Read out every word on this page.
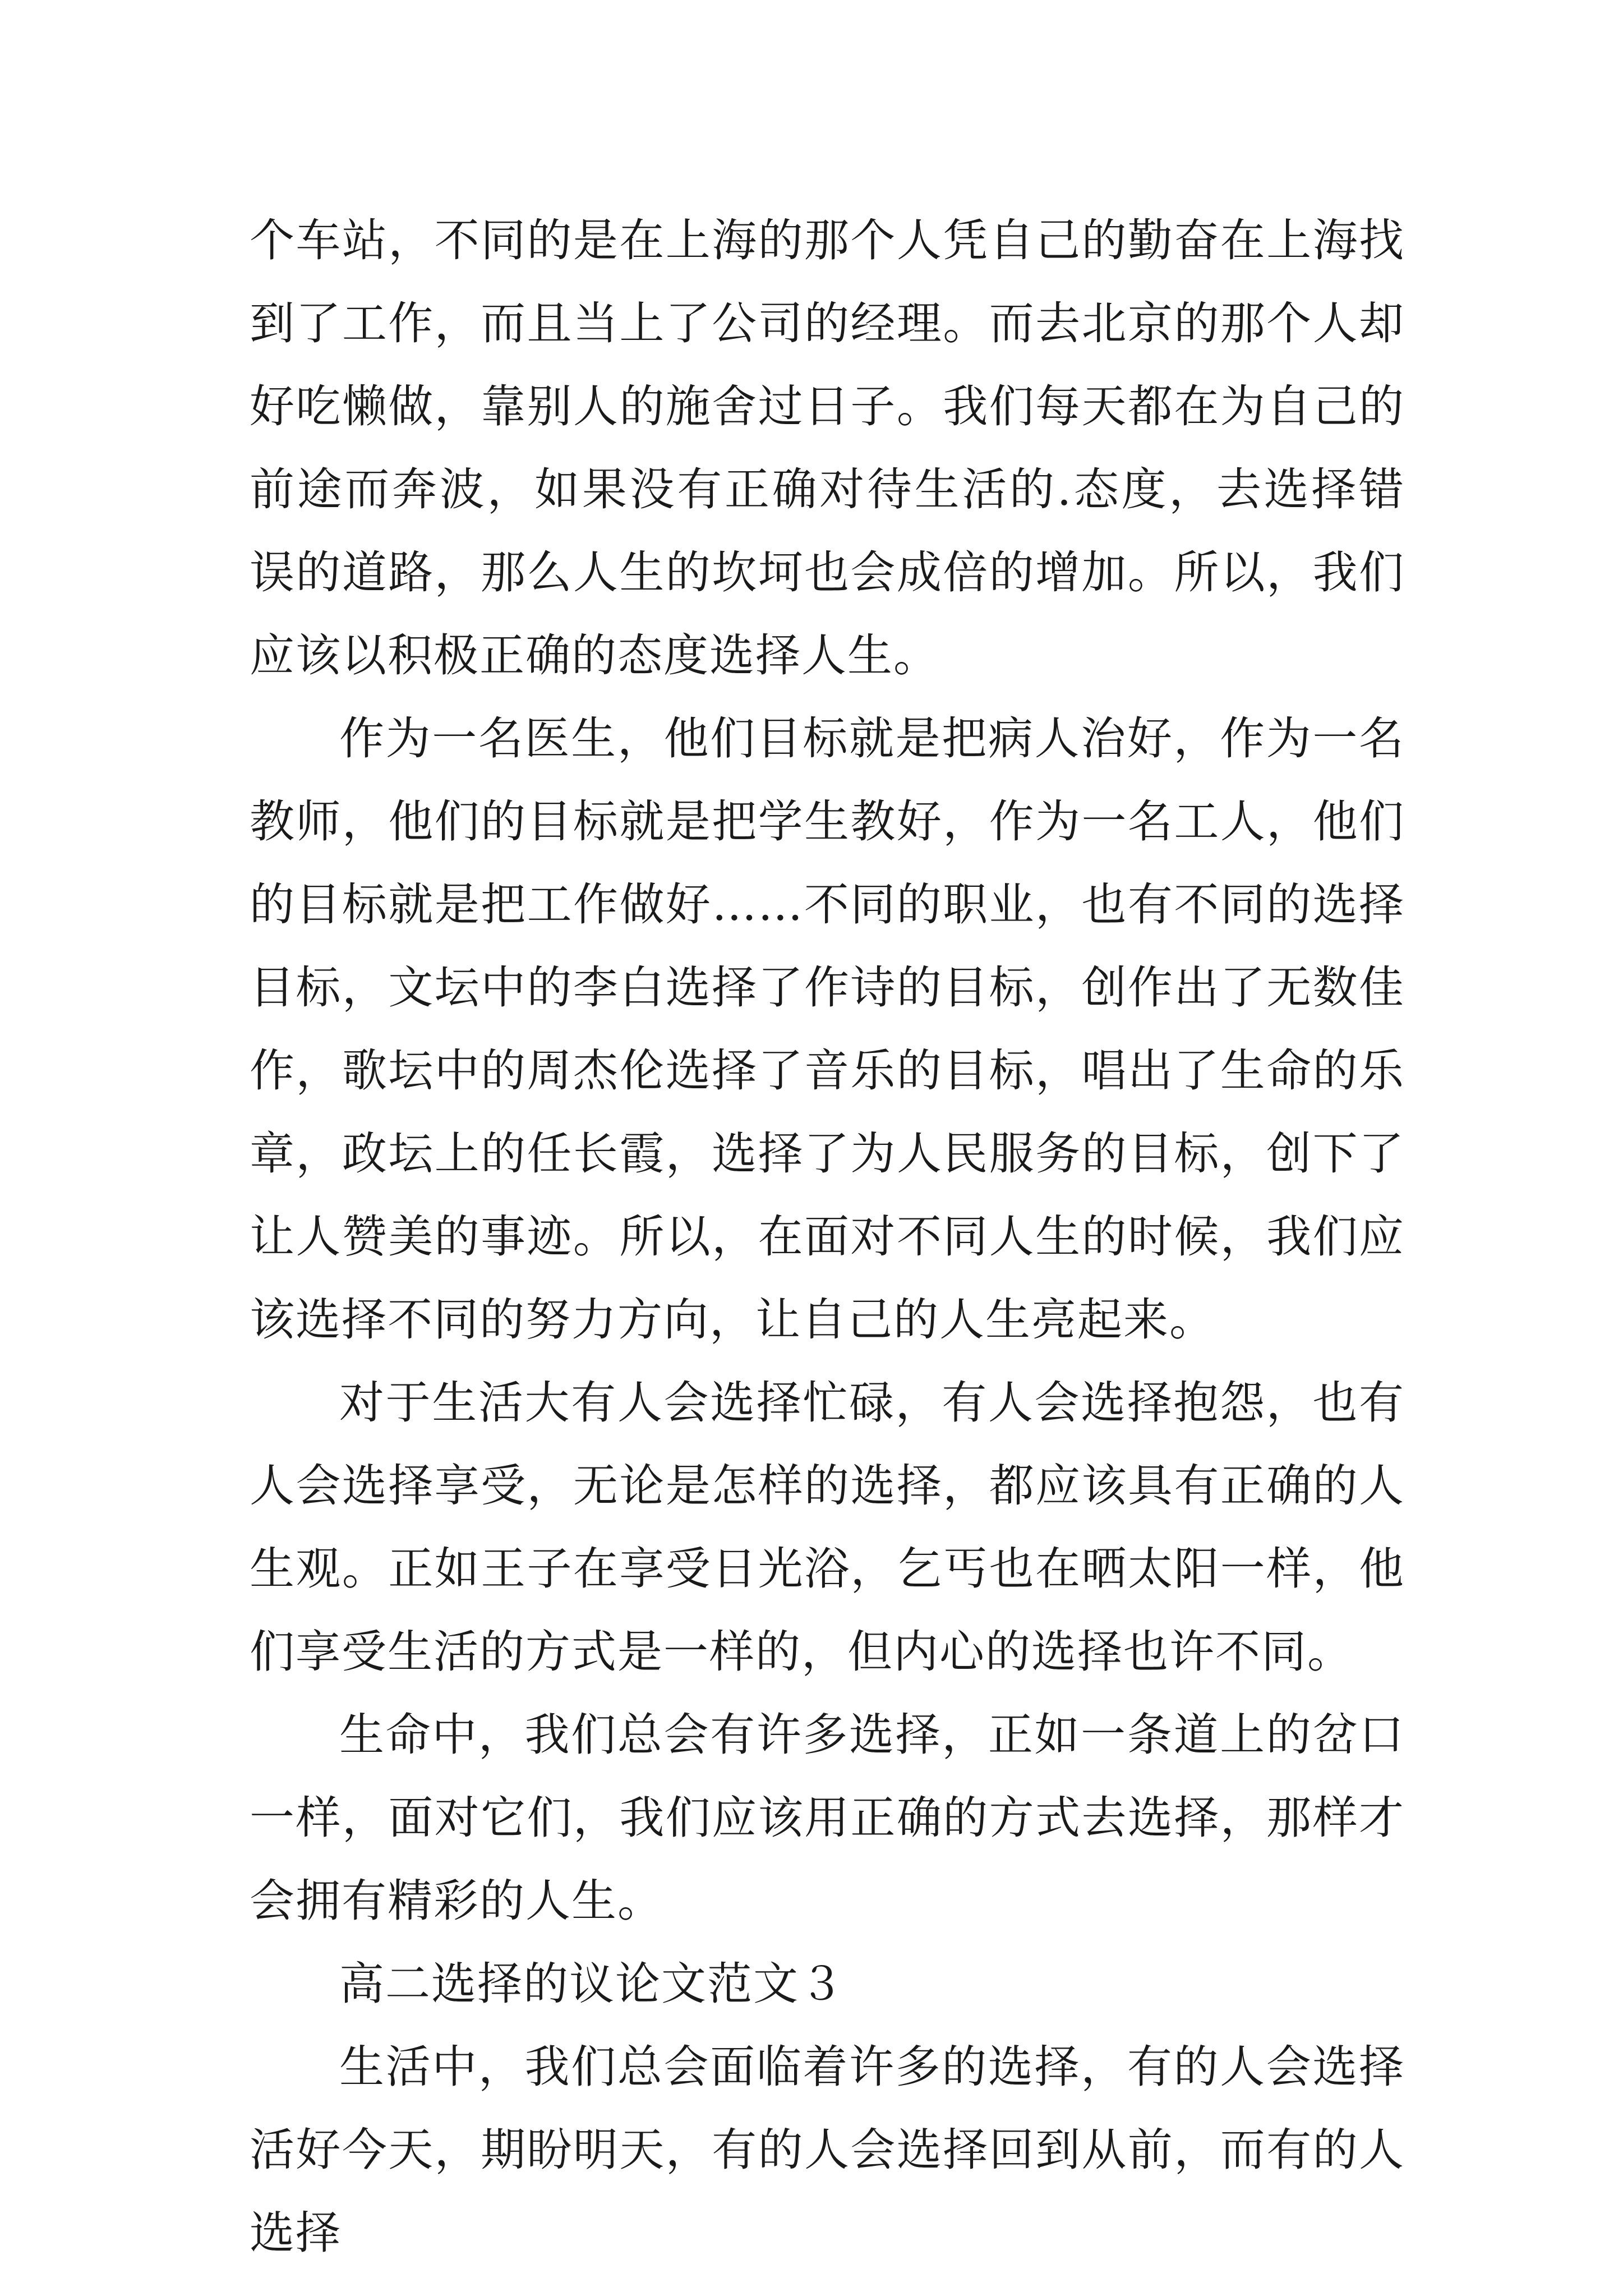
个车站，不同的是在上海的那个人凭自己的勤奋在上海找到了工作，而且当上了公司的经理。而去北京的那个人却好吃懒做，靠别人的施舍过日子。我们每天都在为自己的前途而奔波，如果没有正确对待生活的.态度，去选择错误的道路，那么人生的坎坷也会成倍的增加。所以，我们应该以积极正确的态度选择人生。

作为一名医生，他们目标就是把病人治好，作为一名教师，他们的目标就是把学生教好，作为一名工人，他们的目标就是把工作做好……不同的职业，也有不同的选择目标，文坛中的李白选择了作诗的目标，创作出了无数佳作，歌坛中的周杰伦选择了音乐的目标，唱出了生命的乐章，政坛上的任长霞，选择了为人民服务的目标，创下了让人赞美的事迹。所以，在面对不同人生的时候，我们应该选择不同的努力方向，让自己的人生亮起来。

对于生活大有人会选择忙碌，有人会选择抱怨，也有人会选择享受，无论是怎样的选择，都应该具有正确的人生观。正如王子在享受日光浴，乞丐也在晒太阳一样，他们享受生活的方式是一样的，但内心的选择也许不同。

生命中，我们总会有许多选择，正如一条道上的岔口一样，面对它们，我们应该用正确的方式去选择，那样才会拥有精彩的人生。

高二选择的议论文范文３

生活中，我们总会面临着许多的选择，有的人会选择活好今天，期盼明天，有的人会选择回到从前，而有的人选择
